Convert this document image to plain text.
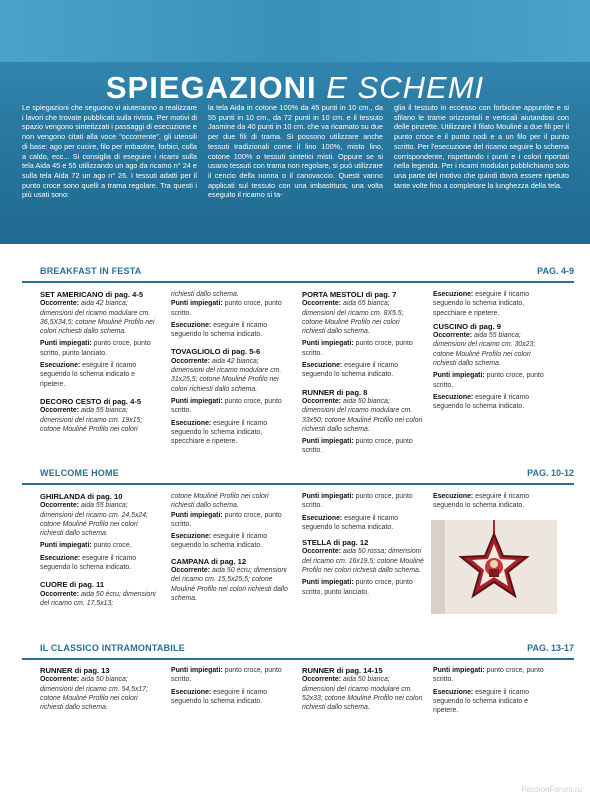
SPIEGAZIONI E SCHEMI
Le spiegazioni che seguono vi aiuteranno a realizzare i lavori che trovate pubblicati sulla rivista. Per motivi di spazio vengono sintetizzati i passaggi di esecuzione e non vengono citati alla voce "occorrente", gli utensili di base: ago per cucire, filo per imbastire, forbici, colla a caldo, ecc... Si consiglia di eseguire i ricami sulla tela Aida 45 e 55 utilizzando un ago da ricamo n° 24 e sulla tela Aida 72 un ago n° 26. I tessuti adatti per il punto croce sono quelli a trama regolare. Tra questi i più usati sono:
la tela Aida in cotone 100% da 45 punti in 10 cm., da 55 punti in 10 cm., da 72 punti in 10 cm. e il tessuto Jasmine da 40 punti in 10 cm. che va ricamato su due per due fili di trama. Si possono utilizzare anche tessuti tradizionali come il lino 100%, misto lino, cotone 100% o tessuti sintetici misti. Oppure se si usano tessuti con trama non regolare, si può utilizzare il cencio della nonna o il canovaccio. Questi vanno applicati sul tessuto con una imbastitura; una volta eseguito il ricamo si ta-
glia il tessuto in eccesso con forbicine appuntite e si sfilano le trame orizzontali e verticali aiutandosi con delle pinzette. Utilizzare il filato Mouliné a due fili per il punto croce e il punto nodi e a un filo per il punto scritto. Per l'esecuzione del ricamo seguire lo schema corrispondente, rispettando i punti e i colori riportati nella legenda. Per i ricami modulari pubblichiamo solo una parte del motivo che quindi dovrà essere ripetuto tante volte fino a completare la lunghezza della tela.
BREAKFAST IN FESTA	PAG. 4-9

SET AMERICANO di pag. 4-5

Occorrente: aida 42 bianca; dimensioni del ricamo modulare cm. 36,5X34,5; cotone Mouliné Profilo nei colori richiesti dallo schema.

Punti impiegati: punto croce, punto scritto, punto lanciato.

Esecuzione: eseguire il ricamo seguendo lo schema indicato e ripetere.

DECORO CESTO di pag. 4-5

Occorrente: aida 55 bianca; dimensioni del ricamo cm. 19x15; cotone Mouliné Profilo nei colori

richiesti dallo schema.

Punti impiegati: punto croce, punto scritto.

Esecuzione: eseguire il ricamo seguendo lo schema indicato.

TOVAGLIOLO di pag. 5-6

Occorrente: aida 42 bianca; dimensioni del ricamo modulare cm. 31x25,5; cotone Mouliné Profilo nei colori richiesti dallo schema.

Punti impiegati: punto croce, punto scritto.

Esecuzione: eseguire il ricamo seguendo lo schema indicato, specchiare e ripetere.

PORTA MESTOLI di pag. 7

Occorrente: aida 65 bianca; dimensioni del ricamo cm. 8X5.5; cotone Mouliné Profilo nei colori richiesti dallo schema.

Punti impiegati: punto croce, punto scritto.

Esecuzione: eseguire il ricamo seguendo lo schema indicato.

RUNNER di pag. 8

Occorrente: aida 50 bianca; dimensioni del ricamo modulare cm. 33x50; cotone Mouliné Profilo nei colori richiesti dallo schema.

Punti impiegati: punto croce, punto scritto.

Esecuzione: eseguire il ricamo seguendo lo schema indicato, specchiare e ripetere.

CUSCINO di pag. 9

Occorrente: aida 55 bianca; dimensioni del ricamo cm. 30x23; cotone Mouliné Profilo nei colori richiesti dallo schema.

Punti impiegati: punto croce, punto scritto.

Esecuzione: eseguire il ricamo seguendo lo schema indicato.

WELCOME HOME	PAG. 10-12

GHIRLANDA di pag. 10

Occorrente: aida 55 bianca; dimensioni del ricamo cm. 24,5x24; cotone Mouliné Profilo nei colori richiesti dallo schema.

Punti impiegati: punto croce.

Esecuzione: eseguire il ricamo seguendo lo schema indicato.

CUORE di pag. 11

Occorrente: aida 50 écru; dimensioni del ricamo cm. 17,5x13;

cotone Mouliné Profilo nei colori richiesti dallo schema.

Punti impiegati: punto croce, punto scritto.

Esecuzione: eseguire il ricamo seguendo lo schema indicato.

CAMPANA di pag. 12

Occorrente: aida 50 écru; dimensioni del ricamo cm. 15,5x25,5; cotone Mouliné Profilo nei colori richiesti dallo schema.

Punti impiegati: punto croce, punto scritto.

Esecuzione: eseguire il ricamo seguendo lo schema indicato.

STELLA di pag. 12

Occorrente: aida 50 rossa; dimensioni del ricamo cm. 16x19,5; cotone Mouliné Profilo nei colori richiesti dallo schema.

Punti impiegati: punto croce, punto scritto, punto lanciato.

Esecuzione: eseguire il ricamo seguendo lo schema indicato.

IL CLASSICO INTRAMONTABILE	PAG. 13-17

RUNNER di pag. 13

Occorrente: aida 50 bianca; dimensioni del ricamo cm. 54,5x17; cotone Mouliné Profilo nei colori richiesti dallo schema.

Punti impiegati: punto croce, punto scritto.

Esecuzione: eseguire il ricamo seguendo lo schema indicato.

RUNNER di pag. 14-15

Occorrente: aida 50 bianca; dimensioni del ricamo modulare cm. 52x33; cotone Mouliné Profilo nei colori richiesti dallo schema.

Punti impiegati: punto croce, punto scritto.

Esecuzione: eseguire il ricamo seguendo lo schema indicato e ripetere.

PassionForum.ru
